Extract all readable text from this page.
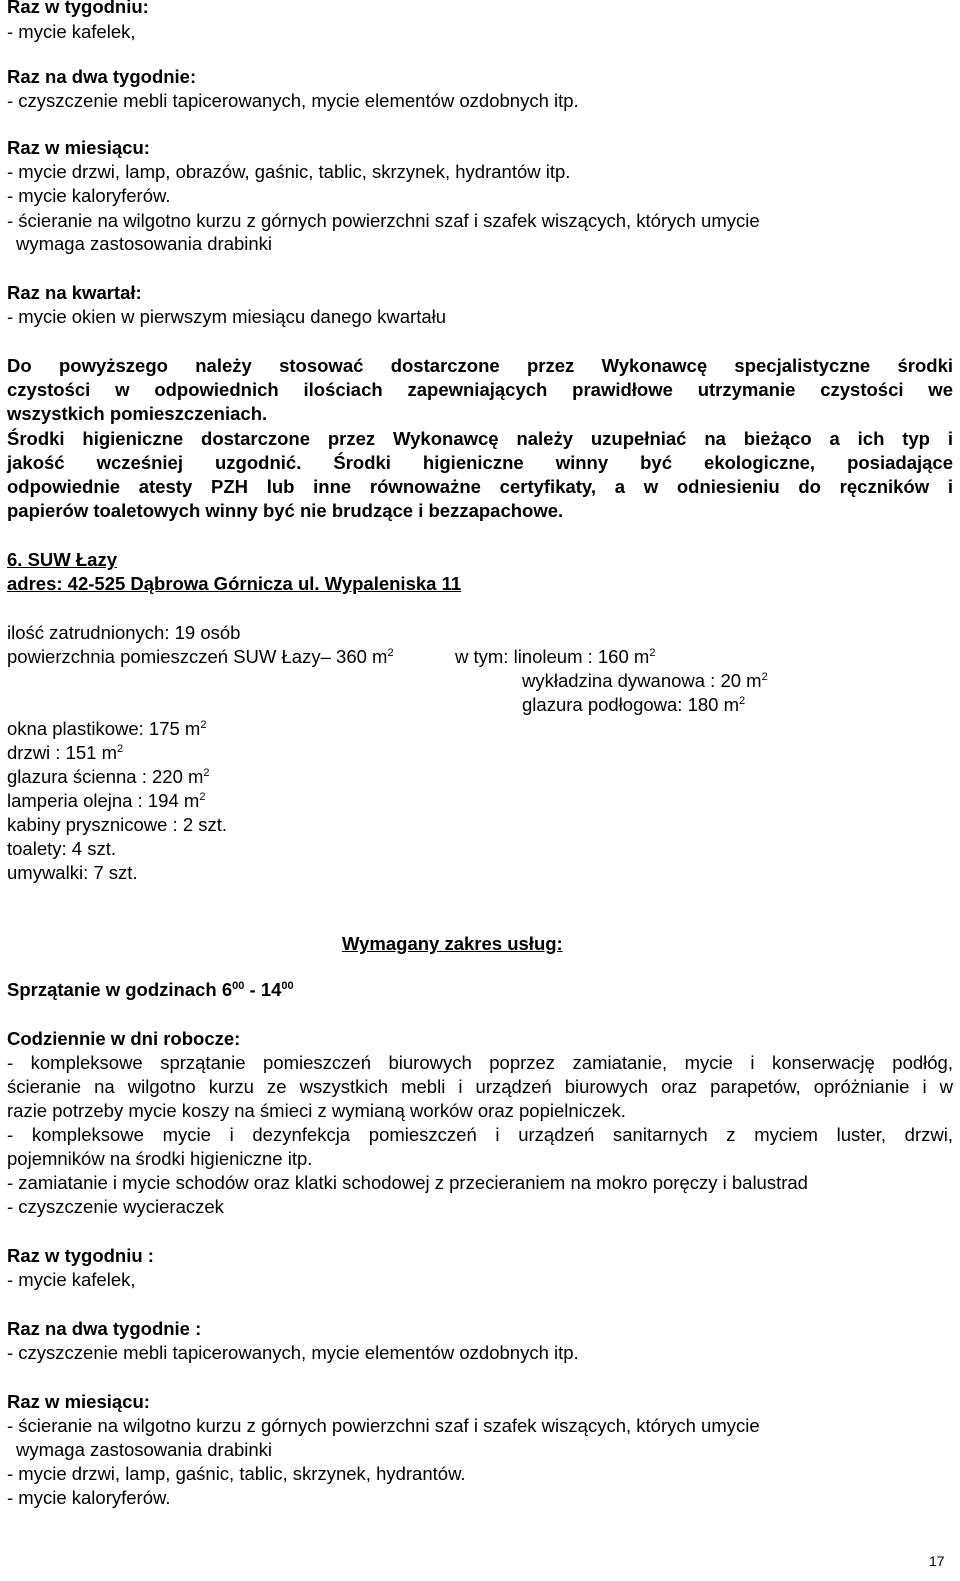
Raz w tygodniu:
- mycie kafelek,
Raz na dwa tygodnie:
- czyszczenie mebli tapicerowanych, mycie elementów ozdobnych itp.
Raz w miesiącu:
- mycie drzwi, lamp, obrazów, gaśnic, tablic, skrzynek, hydrantów itp.
- mycie kaloryferów.
- ścieranie na wilgotno kurzu z górnych powierzchni szaf i szafek wiszących, których umycie
wymaga zastosowania drabinki
Raz na kwartał:
- mycie okien w pierwszym miesiącu danego kwartału
Do powyższego należy stosować dostarczone przez Wykonawcę specjalistyczne środki
czystości w odpowiednich ilościach zapewniających prawidłowe utrzymanie czystości we
wszystkich pomieszczeniach.
Środki higieniczne dostarczone przez Wykonawcę należy uzupełniać na bieżąco a ich typ i
jakość wcześniej uzgodnić. Środki higieniczne winny być ekologiczne, posiadające
odpowiednie atesty PZH lub inne równoważne certyfikaty, a w odniesieniu do ręczników i
papierów toaletowych winny być nie brudzące i bezzapachowe.
6. SUW Łazy
adres: 42-525 Dąbrowa Górnicza ul. Wypaleniska 11
ilość zatrudnionych: 19 osób
powierzchnia pomieszczeń SUW Łazy– 360 $m^2$	w tym: linoleum : 160 $m^2$
wykładzina dywanowa : 20 $m^2$
glazura podłogowa: 180 $m^2$
okna plastikowe: 175 $m^2$
drzwi : 151 $m^2$
glazura ścienna : 220 $m^2$
lamperia olejna : 194 $m^2$
kabiny prysznicowe : 2 szt.
toalety: 4 szt.
umywalki: 7 szt.
Wymagany zakres usług:
Sprzątanie w godzinach $6^{00} - 14^{00}$
Codziennie w dni robocze:
- kompleksowe sprzątanie pomieszczeń biurowych poprzez zamiatanie, mycie i konserwację podłóg,
ścieranie na wilgotno kurzu ze wszystkich mebli i urządzeń biurowych oraz parapetów, opróżnianie i w
razie potrzeby mycie koszy na śmieci z wymianą worków oraz popielniczek.
- kompleksowe mycie i dezynfekcja pomieszczeń i urządzeń sanitarnych z myciem luster, drzwi,
pojemników na środki higieniczne itp.
- zamiatanie i mycie schodów oraz klatki schodowej z przecieraniem na mokro poręczy i balustrad
- czyszczenie wycieraczek
Raz w tygodniu :
- mycie kafelek,
Raz na dwa tygodnie :
- czyszczenie mebli tapicerowanych, mycie elementów ozdobnych itp.
Raz w miesiącu:
- ścieranie na wilgotno kurzu z górnych powierzchni szaf i szafek wiszących, których umycie
wymaga zastosowania drabinki
- mycie drzwi, lamp, gaśnic, tablic, skrzynek, hydrantów.
- mycie kaloryferów.
17
